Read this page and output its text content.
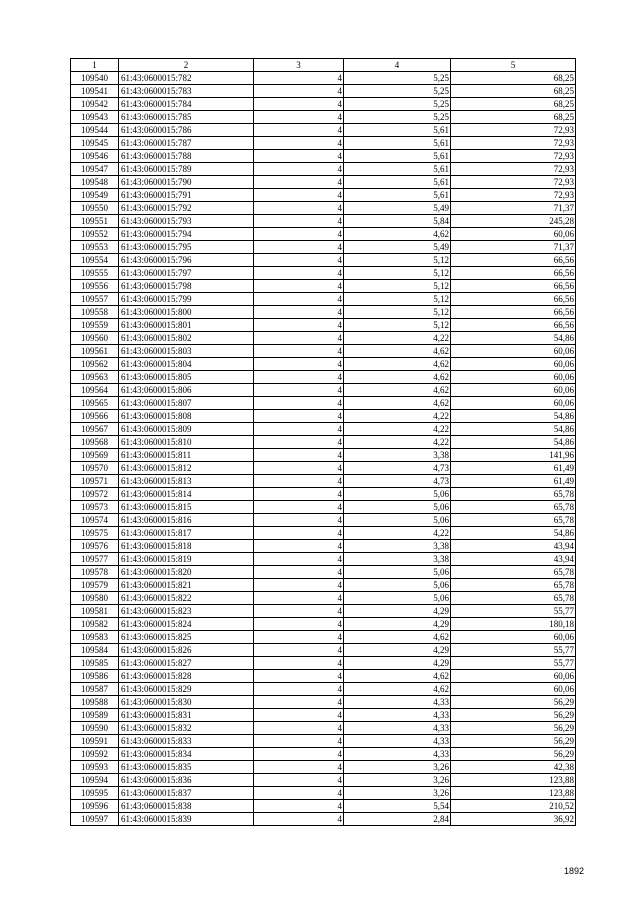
1	2	3	4	5
109540	61:43:0600015:782	4	5,25	68,25
109541	61:43:0600015:783	4	5,25	68,25
109542	61:43:0600015:784	4	5,25	68,25
109543	61:43:0600015:785	4	5,25	68,25
109544	61:43:0600015:786	4	5,61	72,93
109545	61:43:0600015:787	4	5,61	72,93
109546	61:43:0600015:788	4	5,61	72,93
109547	61:43:0600015:789	4	5,61	72,93
109548	61:43:0600015:790	4	5,61	72,93
109549	61:43:0600015:791	4	5,61	72,93
109550	61:43:0600015:792	4	5,49	71,37
109551	61:43:0600015:793	4	5,84	245,28
109552	61:43:0600015:794	4	4,62	60,06
109553	61:43:0600015:795	4	5,49	71,37
109554	61:43:0600015:796	4	5,12	66,56
109555	61:43:0600015:797	4	5,12	66,56
109556	61:43:0600015:798	4	5,12	66,56
109557	61:43:0600015:799	4	5,12	66,56
109558	61:43:0600015:800	4	5,12	66,56
109559	61:43:0600015:801	4	5,12	66,56
109560	61:43:0600015:802	4	4,22	54,86
109561	61:43:0600015:803	4	4,62	60,06
109562	61:43:0600015:804	4	4,62	60,06
109563	61:43:0600015:805	4	4,62	60,06
109564	61:43:0600015:806	4	4,62	60,06
109565	61:43:0600015:807	4	4,62	60,06
109566	61:43:0600015:808	4	4,22	54,86
109567	61:43:0600015:809	4	4,22	54,86
109568	61:43:0600015:810	4	4,22	54,86
109569	61:43:0600015:811	4	3,38	141,96
109570	61:43:0600015:812	4	4,73	61,49
109571	61:43:0600015:813	4	4,73	61,49
109572	61:43:0600015:814	4	5,06	65,78
109573	61:43:0600015:815	4	5,06	65,78
109574	61:43:0600015:816	4	5,06	65,78
109575	61:43:0600015:817	4	4,22	54,86
109576	61:43:0600015:818	4	3,38	43,94
109577	61:43:0600015:819	4	3,38	43,94
109578	61:43:0600015:820	4	5,06	65,78
109579	61:43:0600015:821	4	5,06	65,78
109580	61:43:0600015:822	4	5,06	65,78
109581	61:43:0600015:823	4	4,29	55,77
109582	61:43:0600015:824	4	4,29	180,18
109583	61:43:0600015:825	4	4,62	60,06
109584	61:43:0600015:826	4	4,29	55,77
109585	61:43:0600015:827	4	4,29	55,77
109586	61:43:0600015:828	4	4,62	60,06
109587	61:43:0600015:829	4	4,62	60,06
109588	61:43:0600015:830	4	4,33	56,29
109589	61:43:0600015:831	4	4,33	56,29
109590	61:43:0600015:832	4	4,33	56,29
109591	61:43:0600015:833	4	4,33	56,29
109592	61:43:0600015:834	4	4,33	56,29
109593	61:43:0600015:835	4	3,26	42,38
109594	61:43:0600015:836	4	3,26	123,88
109595	61:43:0600015:837	4	3,26	123,88
109596	61:43:0600015:838	4	5,54	210,52
109597	61:43:0600015:839	4	2,84	36,92
1892
